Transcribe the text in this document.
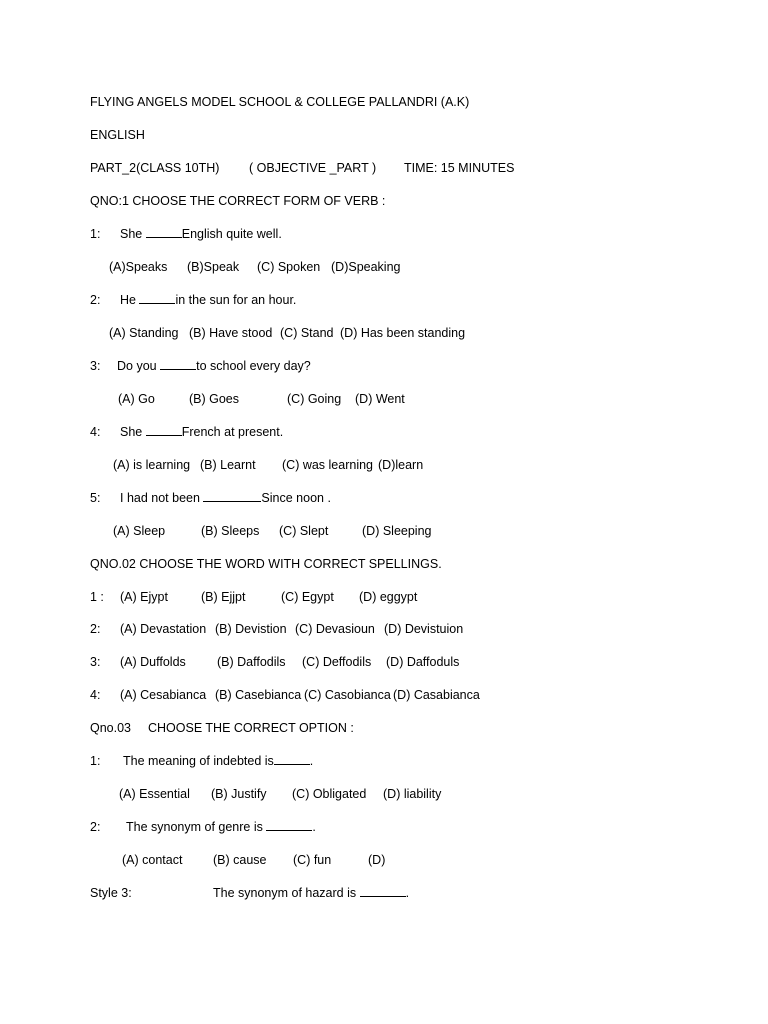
FLYING ANGELS MODEL SCHOOL & COLLEGE PALLANDRI (A.K)
ENGLISH
PART_2(CLASS 10TH) ( OBJECTIVE _PART ) TIME: 15 MINUTES
QNO:1 CHOOSE THE CORRECT FORM OF VERB :
1: She	English quite well.
(A)Speaks (B)Speak (C) Spoken (D)Speaking
2: He	in the sun for an hour.
(A) Standing (B) Have stood (C) Stand (D) Has been standing
3: Do you	to school every day?
(A) Go	(B) Goes	(C) Going (D) Went
4: She	French at present.
(A) is learning (B) Learnt (C) was learning (D)learn
5: I had not been	Since noon .
(A) Sleep	(B) Sleeps (C) Slept	(D) Sleeping
QNO.02 CHOOSE THE WORD WITH CORRECT SPELLINGS.
1 : (A) Ejypt	(B) Ejjpt	(C) Egypt (D) eggypt
2: (A) Devastation (B) Devistion (C) Devasioun (D) Devistuion
3: (A) Duffolds (B) Daffodils (C) Deffodils (D) Daffoduls
4: (A) Cesabianca (B) Casebianca (C) Casobianca (D) Casabianca
Qno.03 CHOOSE THE CORRECT OPTION :
1: The meaning of indebted is	.
(A) Essential (B) Justify (C) Obligated (D) liability
2: The synonym of genre is	.
(A) contact (B) cause (C) fun	(D)
Style 3:	The synonym of hazard is	.
